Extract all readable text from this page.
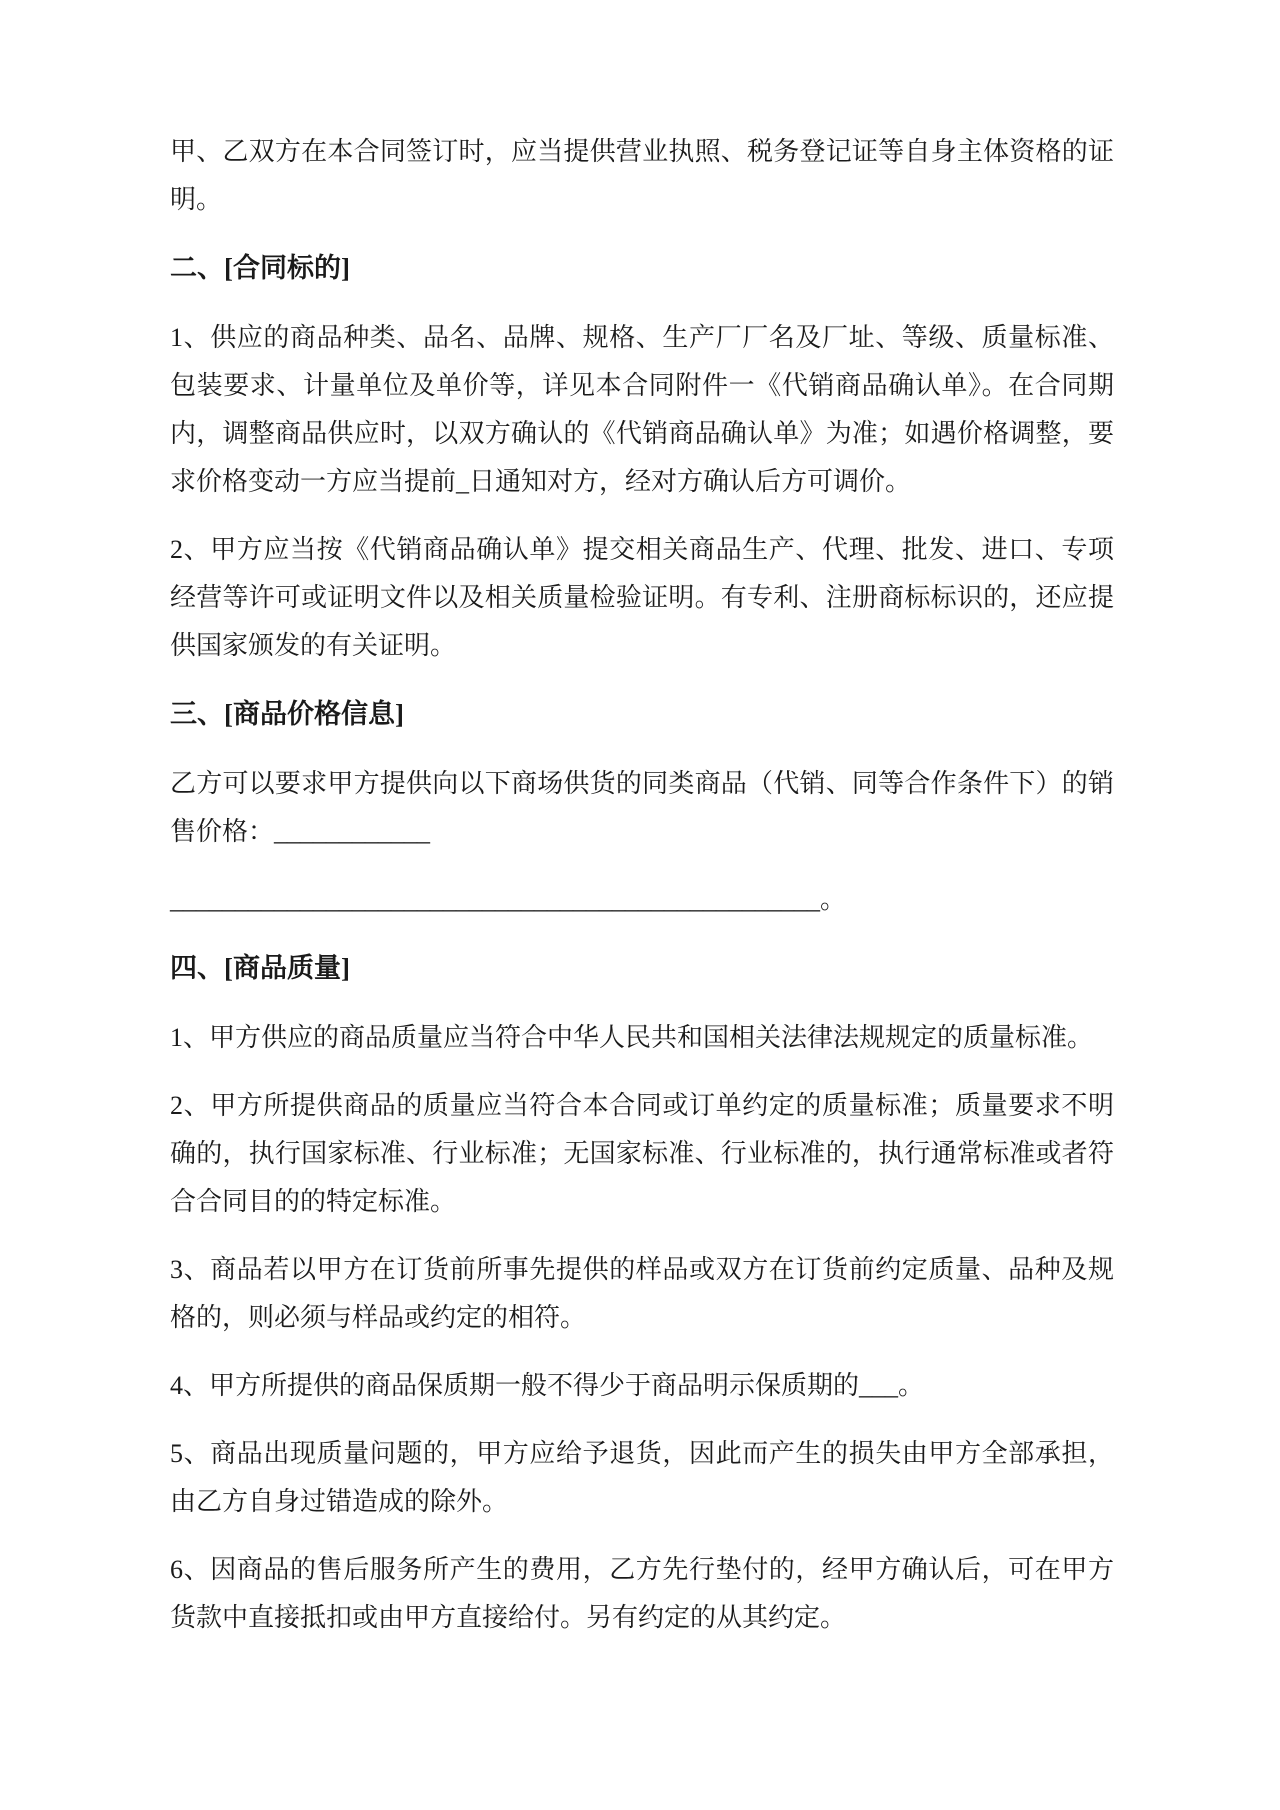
甲、乙双方在本合同签订时，应当提供营业执照、税务登记证等自身主体资格的证明。

二、[合同标的]

1、供应的商品种类、品名、品牌、规格、生产厂厂名及厂址、等级、质量标准、包装要求、计量单位及单价等，详见本合同附件一《代销商品确认单》。在合同期内，调整商品供应时，以双方确认的《代销商品确认单》为准；如遇价格调整，要求价格变动一方应当提前_日通知对方，经对方确认后方可调价。

2、甲方应当按《代销商品确认单》提交相关商品生产、代理、批发、进口、专项经营等许可或证明文件以及相关质量检验证明。有专利、注册商标标识的，还应提供国家颁发的有关证明。

三、[商品价格信息]

乙方可以要求甲方提供向以下商场供货的同类商品（代销、同等合作条件下）的销售价格：____________

__________________________________________________。

四、[商品质量]

1、甲方供应的商品质量应当符合中华人民共和国相关法律法规规定的质量标准。

2、甲方所提供商品的质量应当符合本合同或订单约定的质量标准；质量要求不明确的，执行国家标准、行业标准；无国家标准、行业标准的，执行通常标准或者符合合同目的的特定标准。

3、商品若以甲方在订货前所事先提供的样品或双方在订货前约定质量、品种及规格的，则必须与样品或约定的相符。

4、甲方所提供的商品保质期一般不得少于商品明示保质期的___。

5、商品出现质量问题的，甲方应给予退货，因此而产生的损失由甲方全部承担，由乙方自身过错造成的除外。

6、因商品的售后服务所产生的费用，乙方先行垫付的，经甲方确认后，可在甲方货款中直接抵扣或由甲方直接给付。另有约定的从其约定。
